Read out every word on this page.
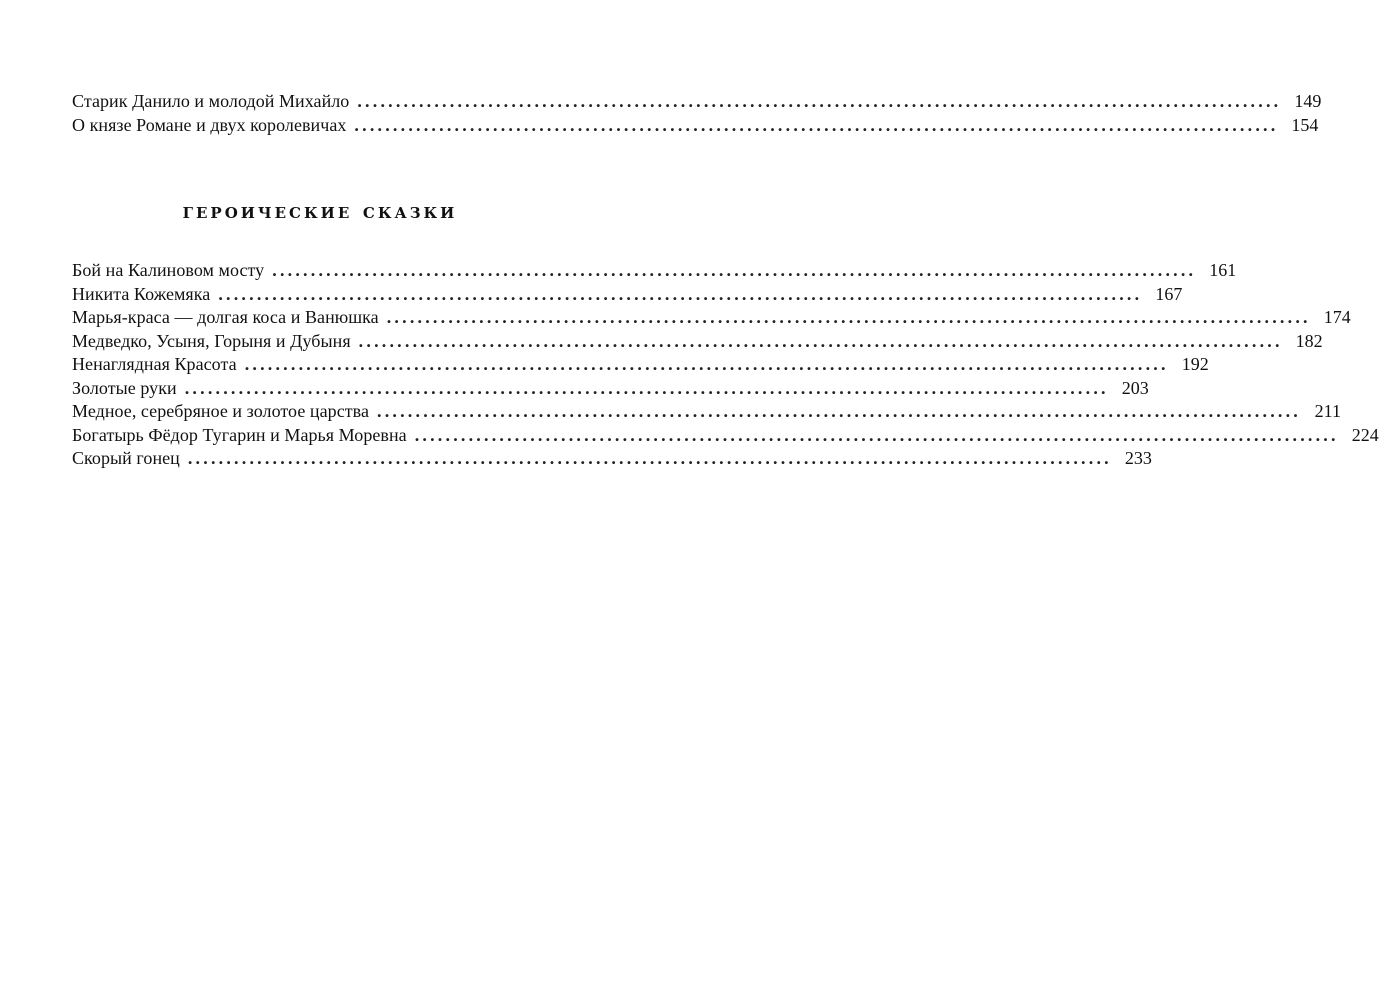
Старик Данило и молодой Михайло ........................................................................................................................ 149
О князе Романе и двух королевичах ........................................................................................................................ 154
героические сказки
Бой на Калиновом мосту ........................................................................................................................ 161
Никита Кожемяка ........................................................................................................................ 167
Марья-краса — долгая коса и Ванюшка ........................................................................................................................ 174
Медведко, Усыня, Горыня и Дубыня ........................................................................................................................ 182
Ненаглядная Красота ........................................................................................................................ 192
Золотые руки ........................................................................................................................ 203
Медное, серебряное и золотое царства ........................................................................................................................ 211
Богатырь Фёдор Тугарин и Марья Моревна ........................................................................................................................ 224
Скорый гонец ........................................................................................................................ 233
